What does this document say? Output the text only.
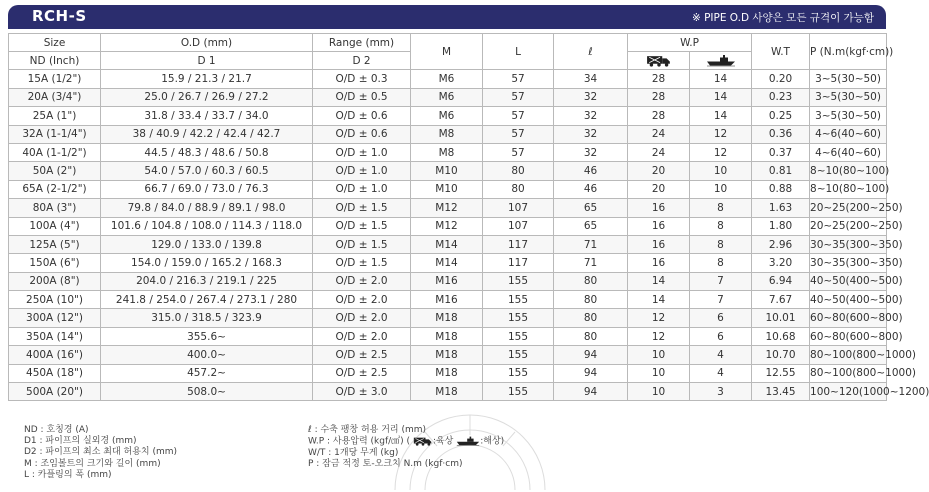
RCH-S	※ PIPE O.D 사양은 모든 규격이 가능함
Size	O.D (mm)	Range (mm)	M	L	ℓ	W.P		W.T	P (N.m(kgf·cm))
ND (Inch)	D 1	D 2		
15A (1/2")	15.9 / 21.3 / 21.7	O/D ± 0.3	M6	57	34	28	14	0.20	3~5(30~50)
20A (3/4")	25.0 / 26.7 / 26.9 / 27.2	O/D ± 0.5	M6	57	32	28	14	0.23	3~5(30~50)
25A (1")	31.8 / 33.4 / 33.7 / 34.0	O/D ± 0.6	M6	57	32	28	14	0.25	3~5(30~50)
32A (1-1/4")	38 / 40.9 / 42.2 / 42.4 / 42.7	O/D ± 0.6	M8	57	32	24	12	0.36	4~6(40~60)
40A (1-1/2")	44.5 / 48.3 / 48.6 / 50.8	O/D ± 1.0	M8	57	32	24	12	0.37	4~6(40~60)
50A (2")	54.0 / 57.0 / 60.3 / 60.5	O/D ± 1.0	M10	80	46	20	10	0.81	8~10(80~100)
65A (2-1/2")	66.7 / 69.0 / 73.0 / 76.3	O/D ± 1.0	M10	80	46	20	10	0.88	8~10(80~100)
80A (3")	79.8 / 84.0 / 88.9 / 89.1 / 98.0	O/D ± 1.5	M12	107	65	16	8	1.63	20~25(200~250)
100A (4")	101.6 / 104.8 / 108.0 / 114.3 / 118.0	O/D ± 1.5	M12	107	65	16	8	1.80	20~25(200~250)
125A (5")	129.0 / 133.0 / 139.8	O/D ± 1.5	M14	117	71	16	8	2.96	30~35(300~350)
150A (6")	154.0 / 159.0 / 165.2 / 168.3	O/D ± 1.5	M14	117	71	16	8	3.20	30~35(300~350)
200A (8")	204.0 / 216.3 / 219.1 / 225	O/D ± 2.0	M16	155	80	14	7	6.94	40~50(400~500)
250A (10")	241.8 / 254.0 / 267.4 / 273.1 / 280	O/D ± 2.0	M16	155	80	14	7	7.67	40~50(400~500)
300A (12")	315.0 / 318.5 / 323.9	O/D ± 2.0	M18	155	80	12	6	10.01	60~80(600~800)
350A (14")	355.6~	O/D ± 2.0	M18	155	80	12	6	10.68	60~80(600~800)
400A (16")	400.0~	O/D ± 2.5	M18	155	94	10	4	10.70	80~100(800~1000)
450A (18")	457.2~	O/D ± 2.5	M18	155	94	10	4	12.55	80~100(800~1000)
500A (20")	508.0~	O/D ± 3.0	M18	155	94	10	3	13.45	100~120(1000~1200)
ND : 호칭경 (A)
D1 : 파이프의 실외경 (mm)
D2 : 파이프의 최소 최대 허용치 (mm)
M : 조임볼트의 크기와 길이 (mm)
L : 카플링의 폭 (mm)
ℓ : 수축 팽창 허용 거리 (mm)
W.P : 사용압력 (kgf/㎠) (	:육상	:해상)
W/T : 1개당 무게 (kg)
P : 잠금 적정 토-오크치 N.m (kgf·cm)
